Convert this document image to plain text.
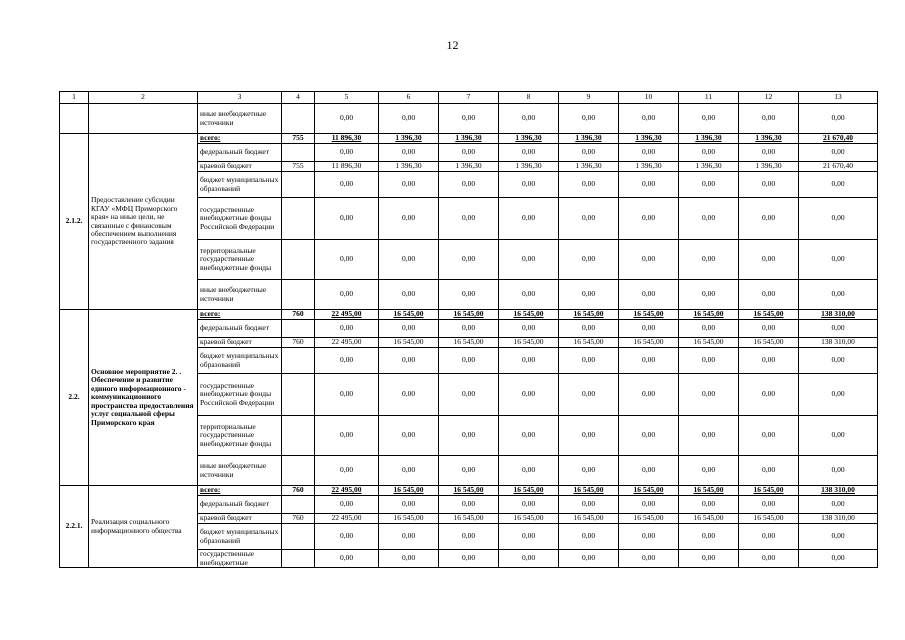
12
1	2	3	4	5	6	7	8	9	10	11	12	13
		иные внебюджетные источники		0,00	0,00	0,00	0,00	0,00	0,00	0,00	0,00	0,00
2.1.2.	Предоставление субсидии КГАУ «МФЦ Приморского края» на иные цели, не связанные с финансовым обеспечением выполнения государственного задания	всего:	755	11 896,30	1 396,30	1 396,30	1 396,30	1 396,30	1 396,30	1 396,30	1 396,30	21 670,40
		федеральный бюджет		0,00	0,00	0,00	0,00	0,00	0,00	0,00	0,00	0,00
		краевой бюджет	755	11 896,30	1 396,30	1 396,30	1 396,30	1 396,30	1 396,30	1 396,30	1 396,30	21 670,40
		бюджет муниципальных образований		0,00	0,00	0,00	0,00	0,00	0,00	0,00	0,00	0,00
		государственные внебюджетные фонды Российской Федерации		0,00	0,00	0,00	0,00	0,00	0,00	0,00	0,00	0,00
		территориальные государственные внебюджетные фонды		0,00	0,00	0,00	0,00	0,00	0,00	0,00	0,00	0,00
		иные внебюджетные источники		0,00	0,00	0,00	0,00	0,00	0,00	0,00	0,00	0,00
2.2.	Основное мероприятие 2. . Обеспечение и развитие единого информационного - коммуникационного пространства предоставления услуг социальной сферы Приморского края	всего:	760	22 495,00	16 545,00	16 545,00	16 545,00	16 545,00	16 545,00	16 545,00	16 545,00	138 310,00
		федеральный бюджет		0,00	0,00	0,00	0,00	0,00	0,00	0,00	0,00	0,00
		краевой бюджет	760	22 495,00	16 545,00	16 545,00	16 545,00	16 545,00	16 545,00	16 545,00	16 545,00	138 310,00
		бюджет муниципальных образований		0,00	0,00	0,00	0,00	0,00	0,00	0,00	0,00	0,00
		государственные внебюджетные фонды Российской Федерации		0,00	0,00	0,00	0,00	0,00	0,00	0,00	0,00	0,00
		территориальные государственные внебюджетные фонды		0,00	0,00	0,00	0,00	0,00	0,00	0,00	0,00	0,00
		иные внебюджетные источники		0,00	0,00	0,00	0,00	0,00	0,00	0,00	0,00	0,00
2.2.1.	Реализация социального информационного общества	всего:	760	22 495,00	16 545,00	16 545,00	16 545,00	16 545,00	16 545,00	16 545,00	16 545,00	138 310,00
		федеральный бюджет		0,00	0,00	0,00	0,00	0,00	0,00	0,00	0,00	0,00
		краевой бюджет	760	22 495,00	16 545,00	16 545,00	16 545,00	16 545,00	16 545,00	16 545,00	16 545,00	138 310,00
		бюджет муниципальных образований		0,00	0,00	0,00	0,00	0,00	0,00	0,00	0,00	0,00
		государственные внебюджетные		0,00	0,00	0,00	0,00	0,00	0,00	0,00	0,00	0,00
